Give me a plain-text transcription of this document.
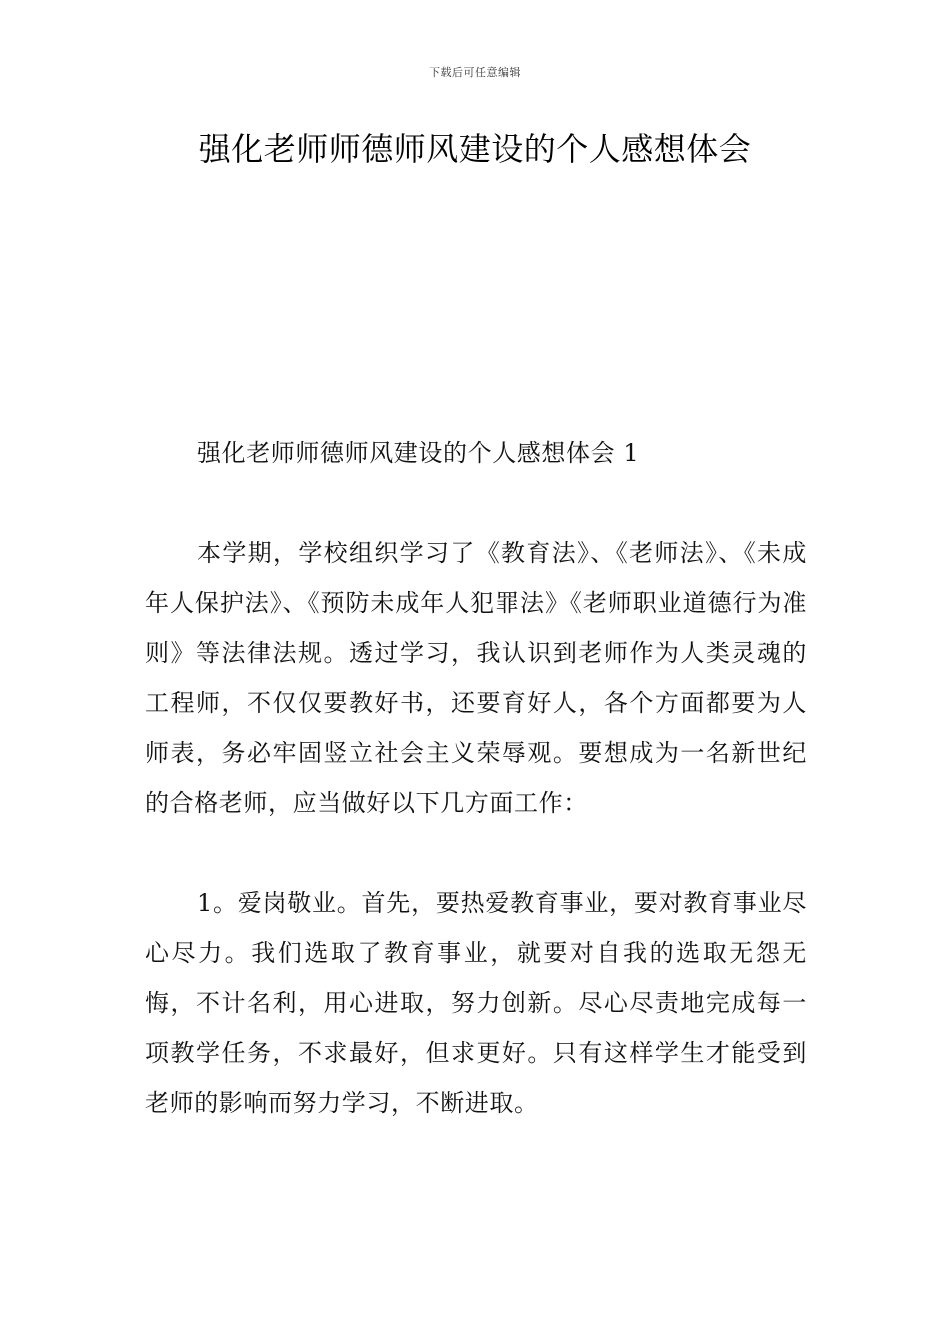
下载后可任意编辑
强化老师师德师风建设的个人感想体会

强化老师师德师风建设的个人感想体会 1

本学期，学校组织学习了《教育法》、《老师法》、《未成年人保护法》、《预防未成年人犯罪法》《老师职业道德行为准则》等法律法规。透过学习，我认识到老师作为人类灵魂的工程师，不仅仅要教好书，还要育好人，各个方面都要为人师表，务必牢固竖立社会主义荣辱观。要想成为一名新世纪的合格老师，应当做好以下几方面工作：

1。爱岗敬业。首先，要热爱教育事业，要对教育事业尽心尽力。我们选取了教育事业，就要对自我的选取无怨无悔，不计名利，用心进取，努力创新。尽心尽责地完成每一项教学任务，不求最好，但求更好。只有这样学生才能受到老师的影响而努力学习，不断进取。
